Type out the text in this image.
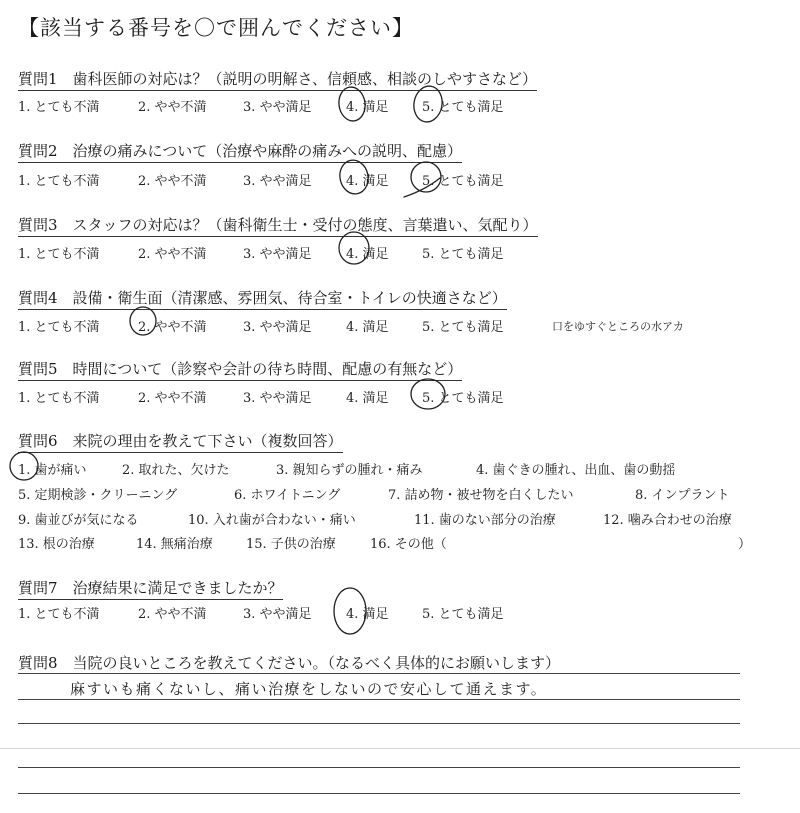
【該当する番号を〇で囲んでください】
質問1　歯科医師の対応は？（説明の明解さ、信頼感、相談のしやすさなど）
1. とても不満	2. やや不満	3. やや満足	4. 満足	5. とても満足
質問2　治療の痛みについて（治療や麻酔の痛みへの説明、配慮）
1. とても不満	2. やや不満	3. やや満足	4. 満足	5. とても満足
質問3　スタッフの対応は？（歯科衛生士・受付の態度、言葉遣い、気配り）
1. とても不満	2. やや不満	3. やや満足	4. 満足	5. とても満足
質問4　設備・衛生面（清潔感、雰囲気、待合室・トイレの快適さなど）
1. とても不満	2. やや不満	3. やや満足	4. 満足	5. とても満足	口をゆすぐところの水アカ
質問5　時間について（診察や会計の待ち時間、配慮の有無など）
1. とても不満	2. やや不満	3. やや満足	4. 満足	5. とても満足
質問6　来院の理由を教えて下さい（複数回答）
1. 歯が痛い	2. 取れた、欠けた	3. 親知らずの腫れ・痛み	4. 歯ぐきの腫れ、出血、歯の動揺
5. 定期検診・クリーニング	6. ホワイトニング	7. 詰め物・被せ物を白くしたい	8. インプラント
9. 歯並びが気になる	10. 入れ歯が合わない・痛い	11. 歯のない部分の治療	12. 噛み合わせの治療
13. 根の治療	14. 無痛治療	15. 子供の治療	16. その他（	）
質問7　治療結果に満足できましたか？
1. とても不満	2. やや不満	3. やや満足	4. 満足	5. とても満足
質問8　当院の良いところを教えてください。（なるべく具体的にお願いします）
麻すいも痛くないし、痛い治療をしないので安心して通えます。
